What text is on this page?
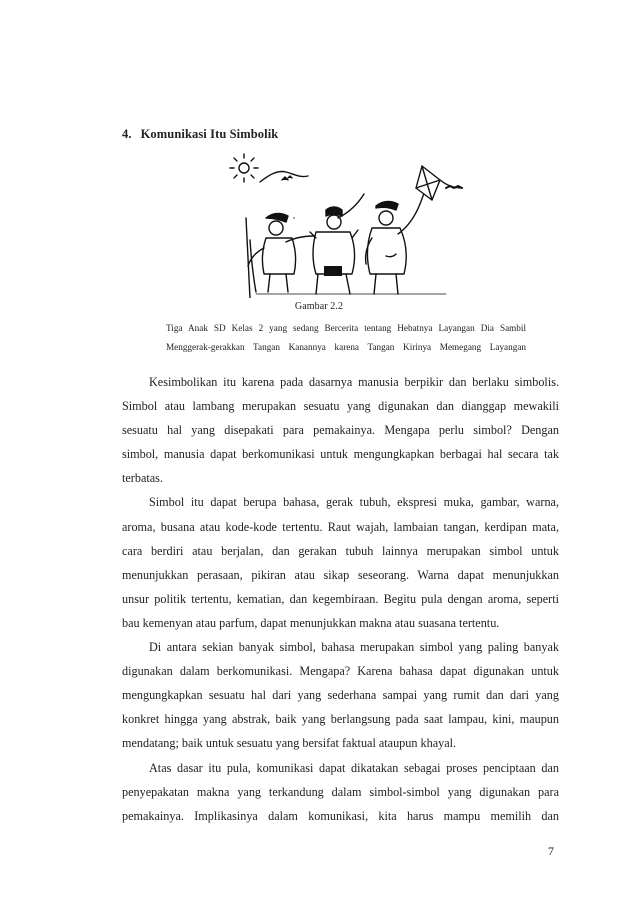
4. Komunikasi Itu Simbolik
Gambar 2.2
Tiga Anak SD Kelas 2 yang sedang Bercerita tentang Hebatnya Layangan Dia Sambil
Menggerak-gerakkan Tangan Kanannya karena Tangan Kirinya Memegang Layangan
Kesimbolikan itu karena pada dasarnya manusia berpikir dan berlaku simbolis.
Simbol atau lambang merupakan sesuatu yang digunakan dan dianggap mewakili
sesuatu hal yang disepakati para pemakainya. Mengapa perlu simbol? Dengan
simbol, manusia dapat berkomunikasi untuk mengungkapkan berbagai hal secara tak
terbatas.
Simbol itu dapat berupa bahasa, gerak tubuh, ekspresi muka, gambar, warna,
aroma, busana atau kode-kode tertentu. Raut wajah, lambaian tangan, kerdipan mata,
cara berdiri atau berjalan, dan gerakan tubuh lainnya merupakan simbol untuk
menunjukkan perasaan, pikiran atau sikap seseorang. Warna dapat menunjukkan
unsur politik tertentu, kematian, dan kegembiraan. Begitu pula dengan aroma, seperti
bau kemenyan atau parfum, dapat menunjukkan makna atau suasana tertentu.
Di antara sekian banyak simbol, bahasa merupakan simbol yang paling banyak
digunakan dalam berkomunikasi. Mengapa? Karena bahasa dapat digunakan untuk
mengungkapkan sesuatu hal dari yang sederhana sampai yang rumit dan dari yang
konkret hingga yang abstrak, baik yang berlangsung pada saat lampau, kini, maupun
mendatang; baik untuk sesuatu yang bersifat faktual ataupun khayal.
Atas dasar itu pula, komunikasi dapat dikatakan sebagai proses penciptaan dan
penyepakatan makna yang terkandung dalam simbol-simbol yang digunakan para
pemakainya. Implikasinya dalam komunikasi, kita harus mampu memilih dan
7
